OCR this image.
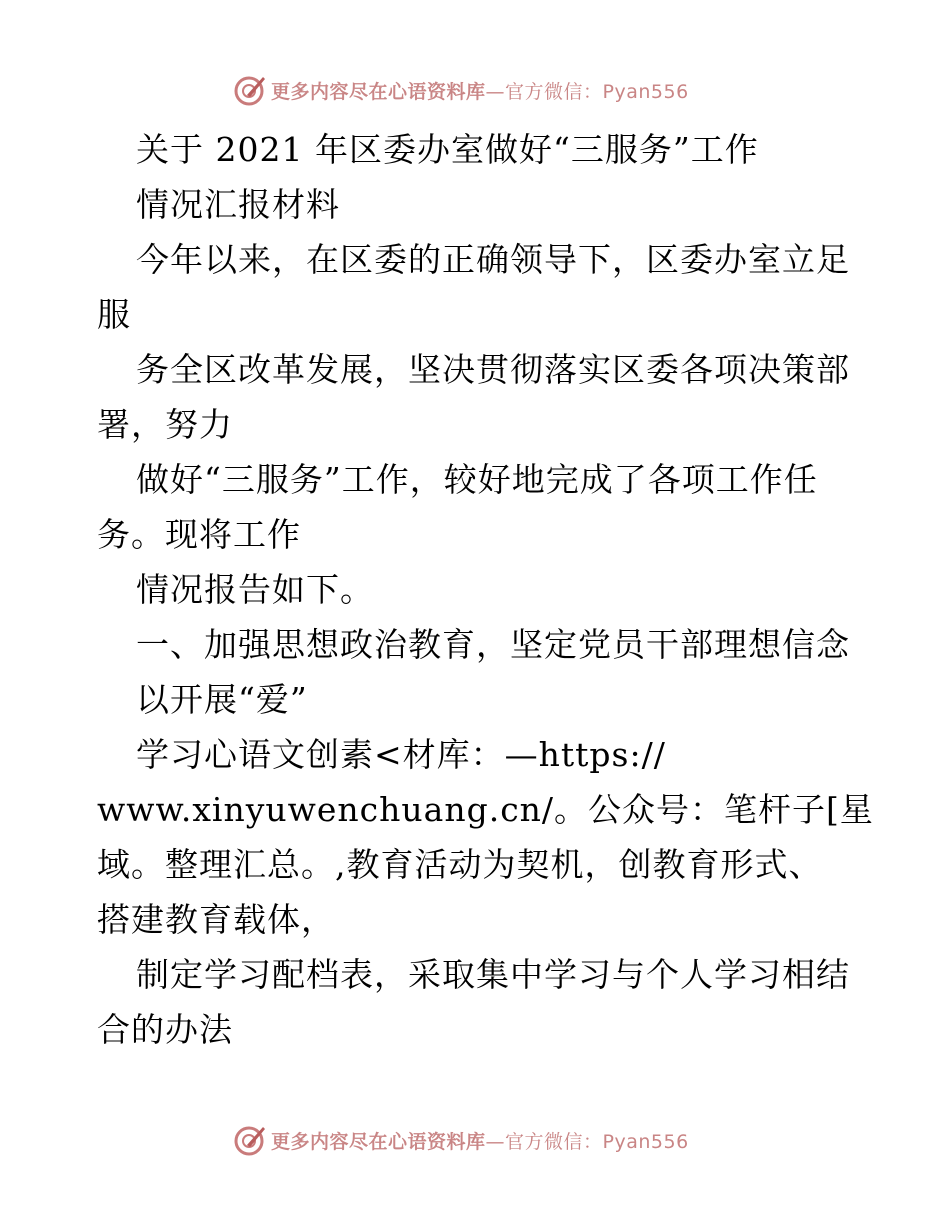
更多内容尽在心语资料库—官方微信：Pyan556
关于 2021 年区委办室做好“三服务”工作
情况汇报材料
今年以来，在区委的正确领导下，区委办室立足
服
务全区改革发展，坚决贯彻落实区委各项决策部
署，努力
做好“三服务”工作，较好地完成了各项工作任
务。现将工作
情况报告如下。
一、加强思想政治教育，坚定党员干部理想信念
以开展“爱”
学习心语文创素<材库：—https://
www.xinyuwenchuang.cn/。公众号：笔杆子[星
域。整理汇总。,教育活动为契机，创教育形式、
搭建教育载体，
制定学习配档表，采取集中学习与个人学习相结
合的办法
更多内容尽在心语资料库—官方微信：Pyan556
